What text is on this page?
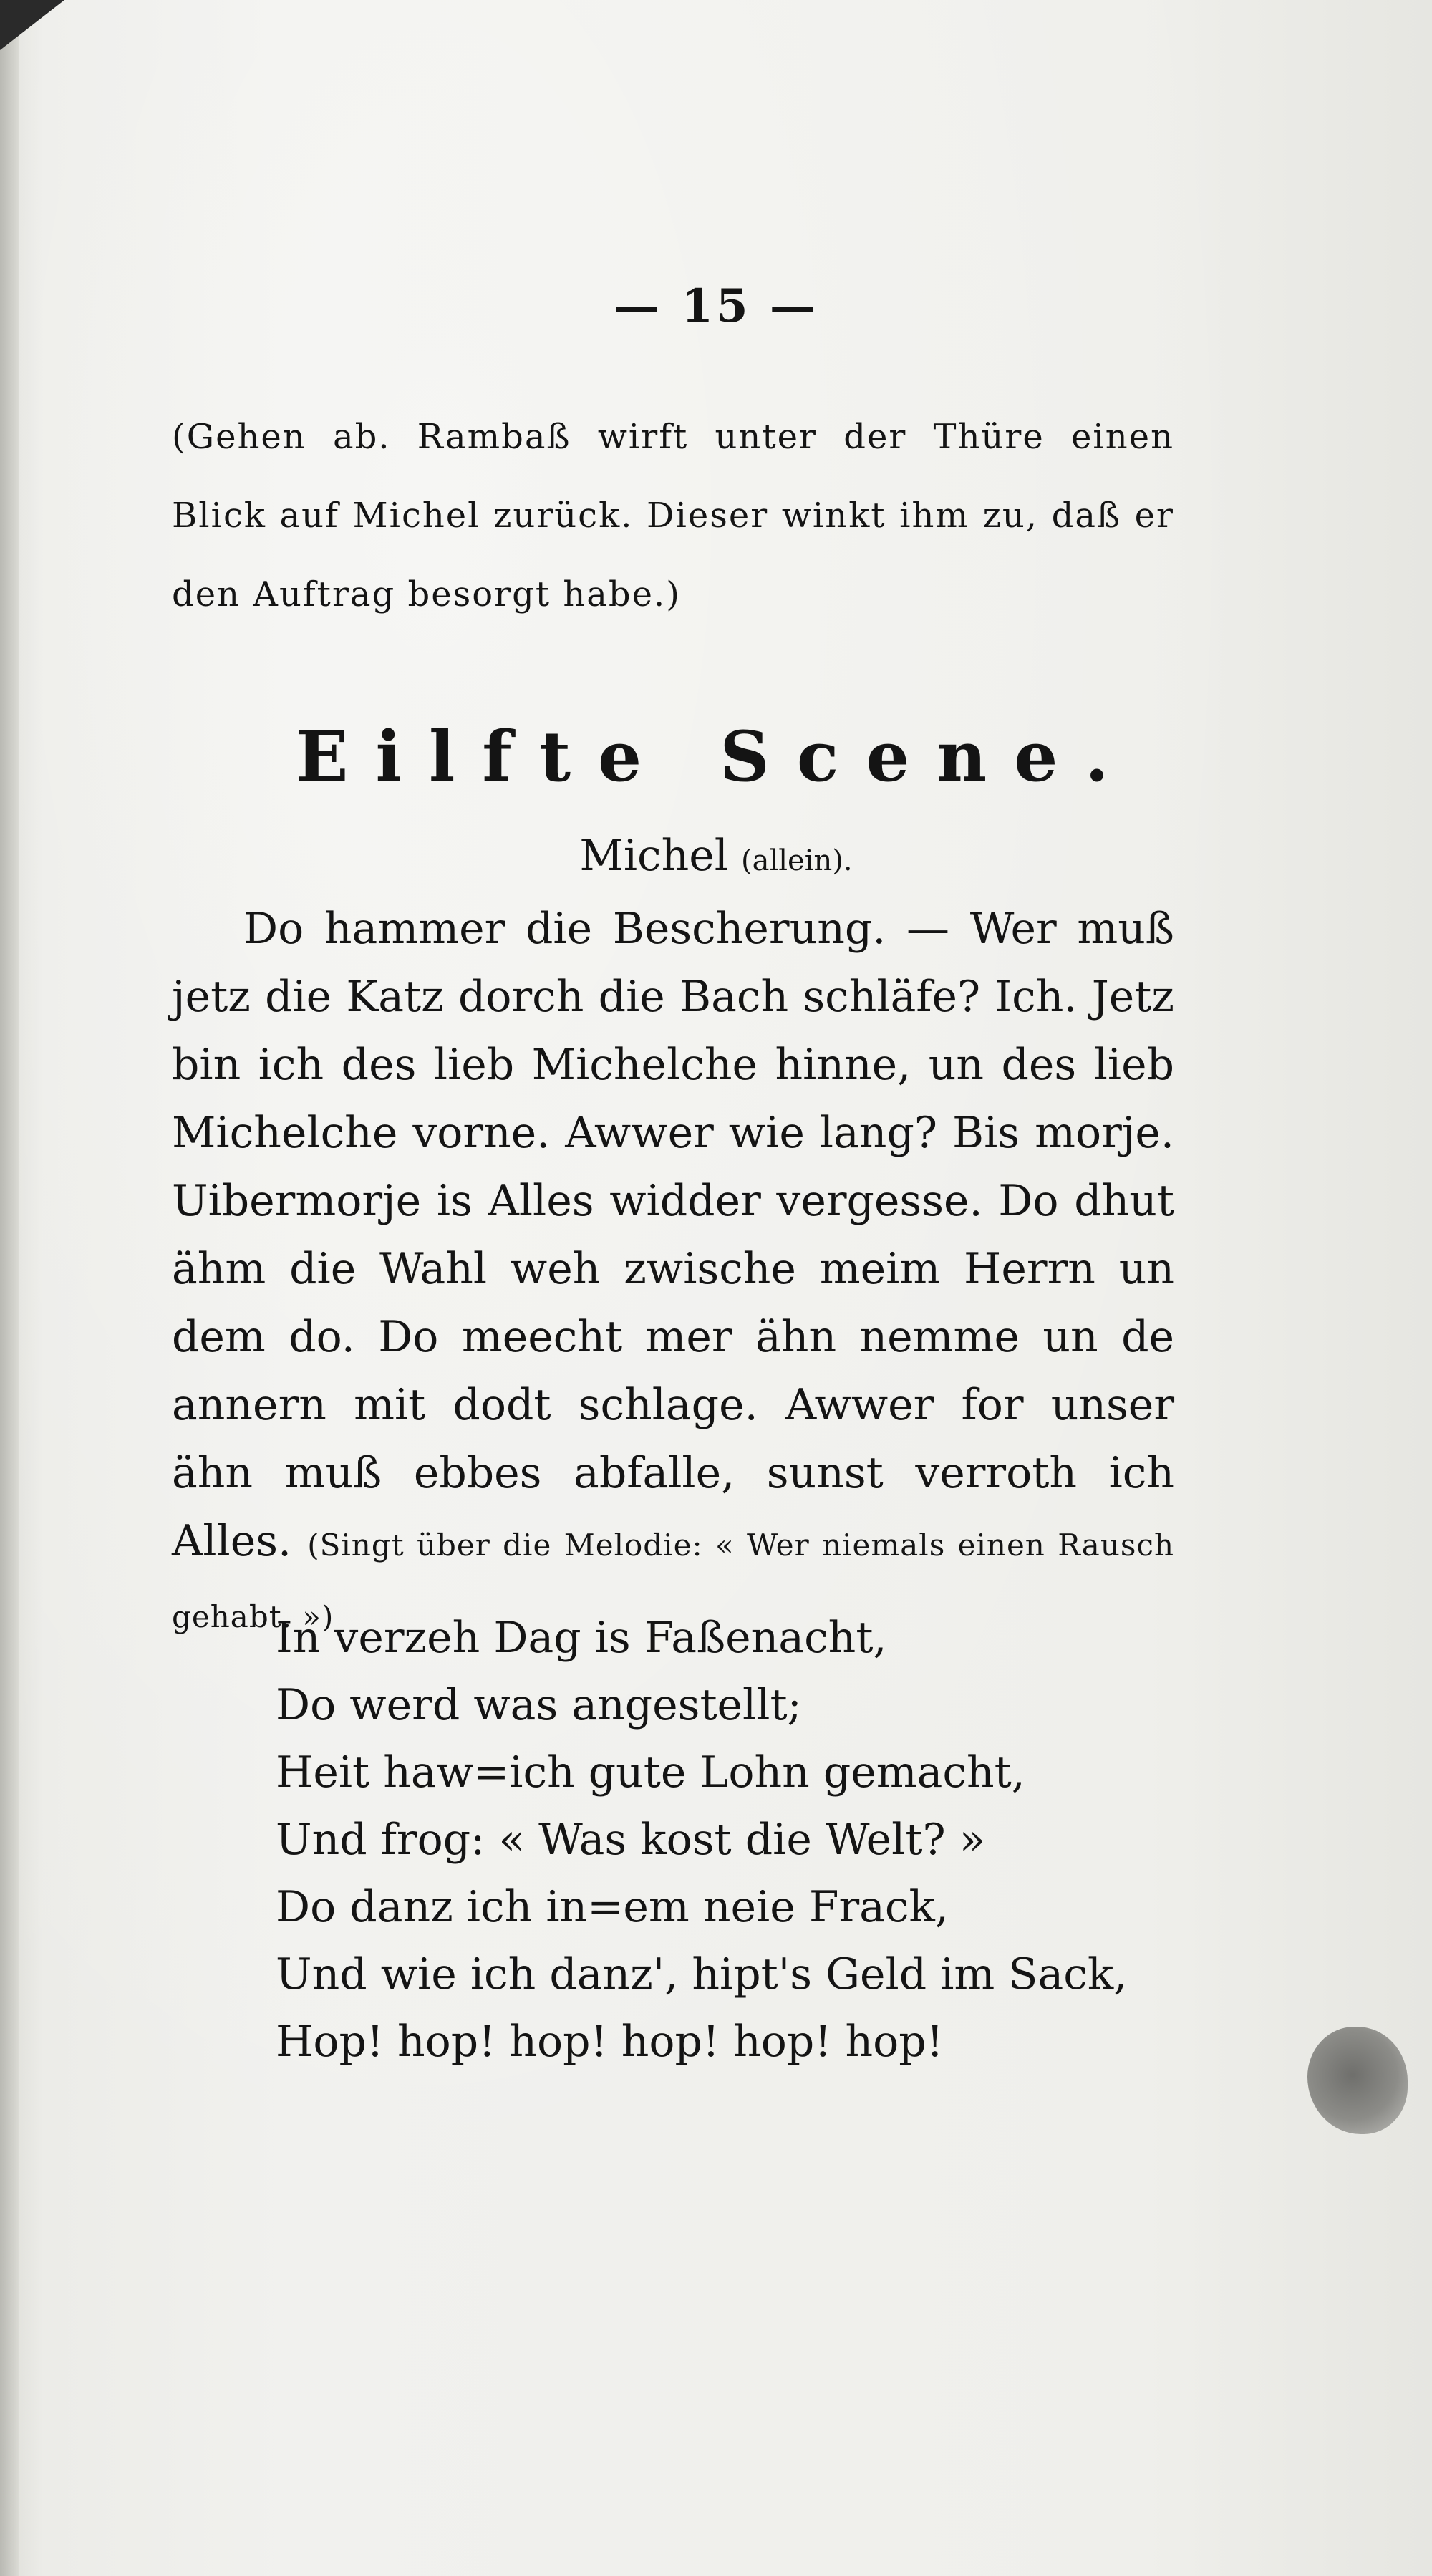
— 15 —
(Gehen ab. Rambaß wirft unter der Thüre einen Blick auf Michel zurück. Dieser winkt ihm zu, daß er den Auftrag besorgt habe.)
Eilfte Scene.
Michel (allein).

Do hammer die Bescherung. — Wer muß jetz die Katz dorch die Bach schläfe? Ich. Jetz bin ich des lieb Michelche hinne, un des lieb Michelche vorne. Awwer wie lang? Bis morje. Uibermorje is Alles widder vergesse. Do dhut ähm die Wahl weh zwische meim Herrn un dem do. Do meecht mer ähn nemme un de annern mit dodt schlage. Awwer for unser ähn muß ebbes abfalle, sunst verroth ich Alles. (Singt über die Melodie: « Wer niemals einen Rausch gehabt. »)

In verzeh Dag is Faßenacht,
Do werd was angestellt;
Heit haw=ich gute Lohn gemacht,
Und frog: « Was kost die Welt? »
Do danz ich in=em neie Frack,
Und wie ich danz', hipt's Geld im Sack,
Hop! hop! hop! hop! hop! hop!
